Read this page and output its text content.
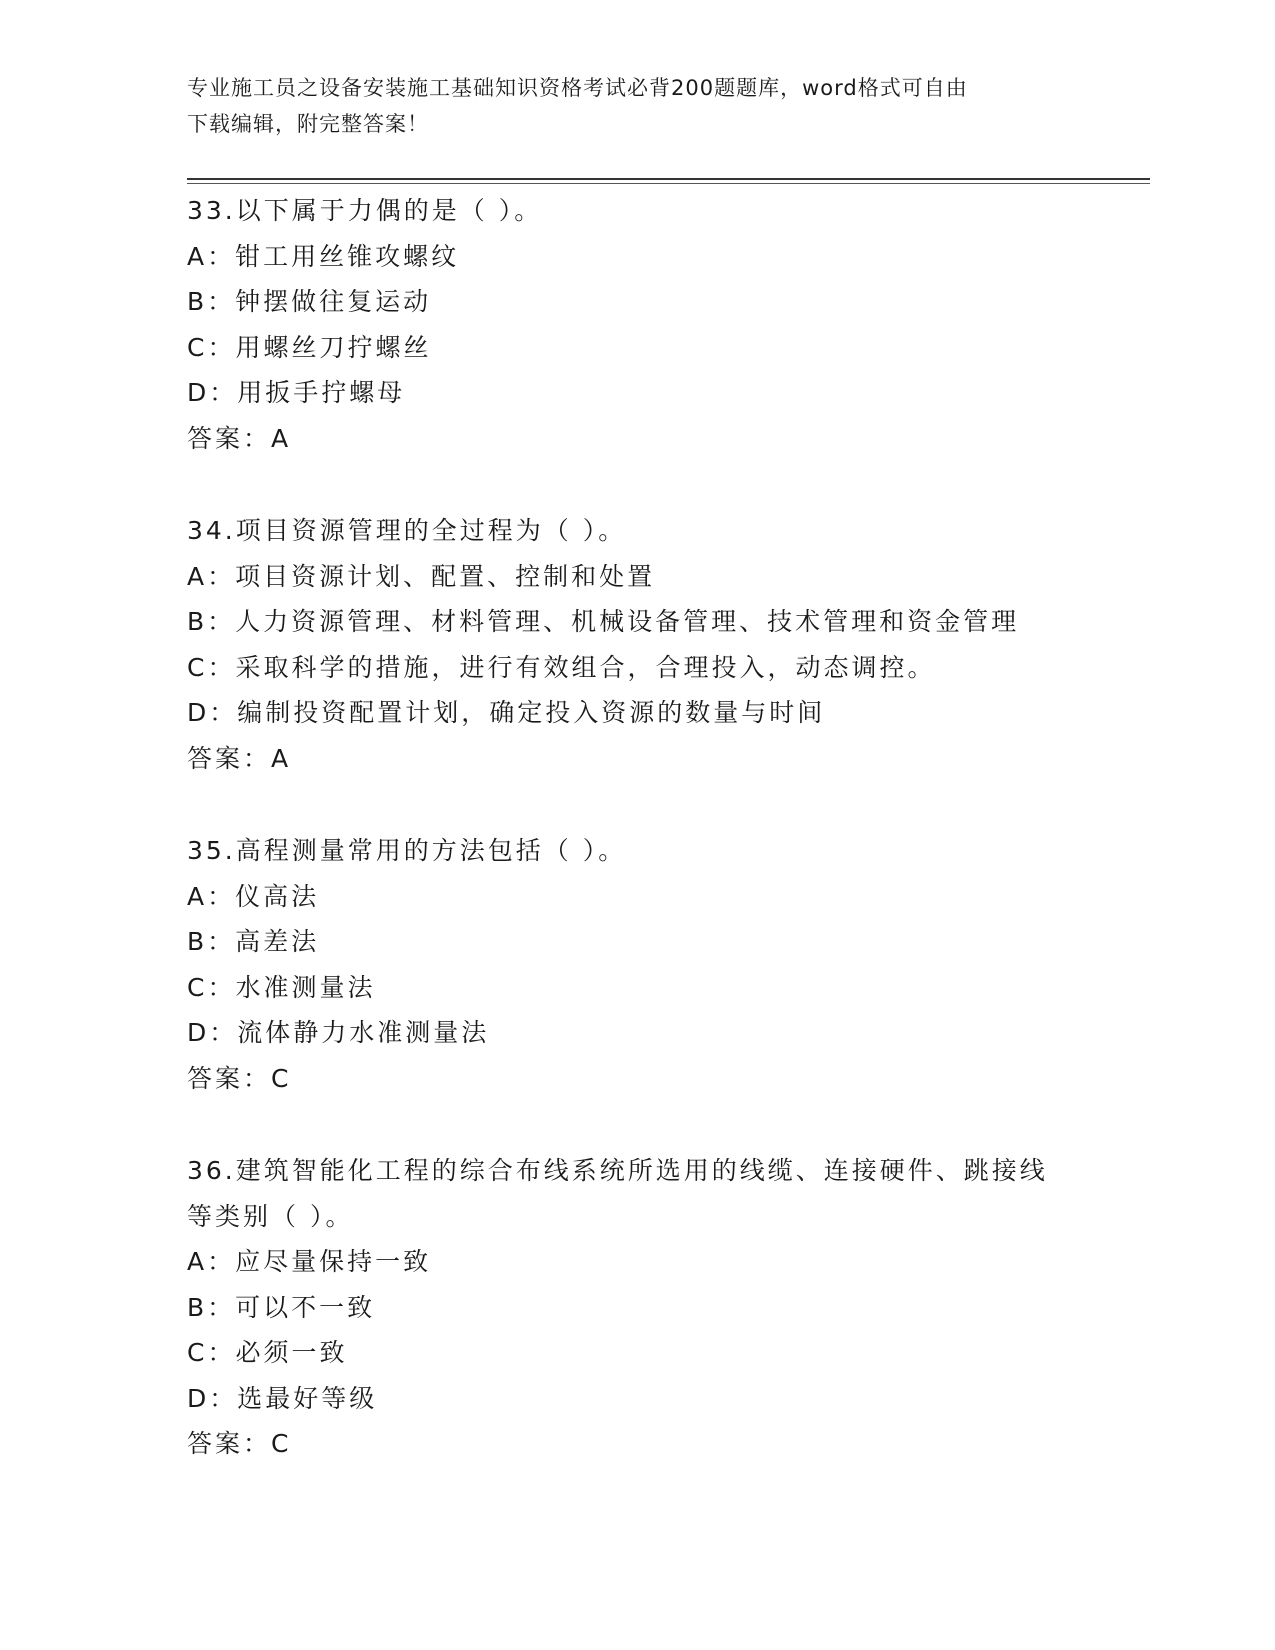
专业施工员之设备安装施工基础知识资格考试必背200题题库，word格式可自由
下载编辑，附完整答案！
33.以下属于力偶的是（ ）。
A：钳工用丝锥攻螺纹
B：钟摆做往复运动
C：用螺丝刀拧螺丝
D：用扳手拧螺母
答案：A
34.项目资源管理的全过程为（ ）。
A：项目资源计划、配置、控制和处置
B：人力资源管理、材料管理、机械设备管理、技术管理和资金管理
C：采取科学的措施，进行有效组合，合理投入，动态调控。
D：编制投资配置计划，确定投入资源的数量与时间
答案：A
35.高程测量常用的方法包括（ ）。
A：仪高法
B：高差法
C：水准测量法
D：流体静力水准测量法
答案：C
36.建筑智能化工程的综合布线系统所选用的线缆、连接硬件、跳接线
等类别（ ）。
A：应尽量保持一致
B：可以不一致
C：必须一致
D：选最好等级
答案：C
